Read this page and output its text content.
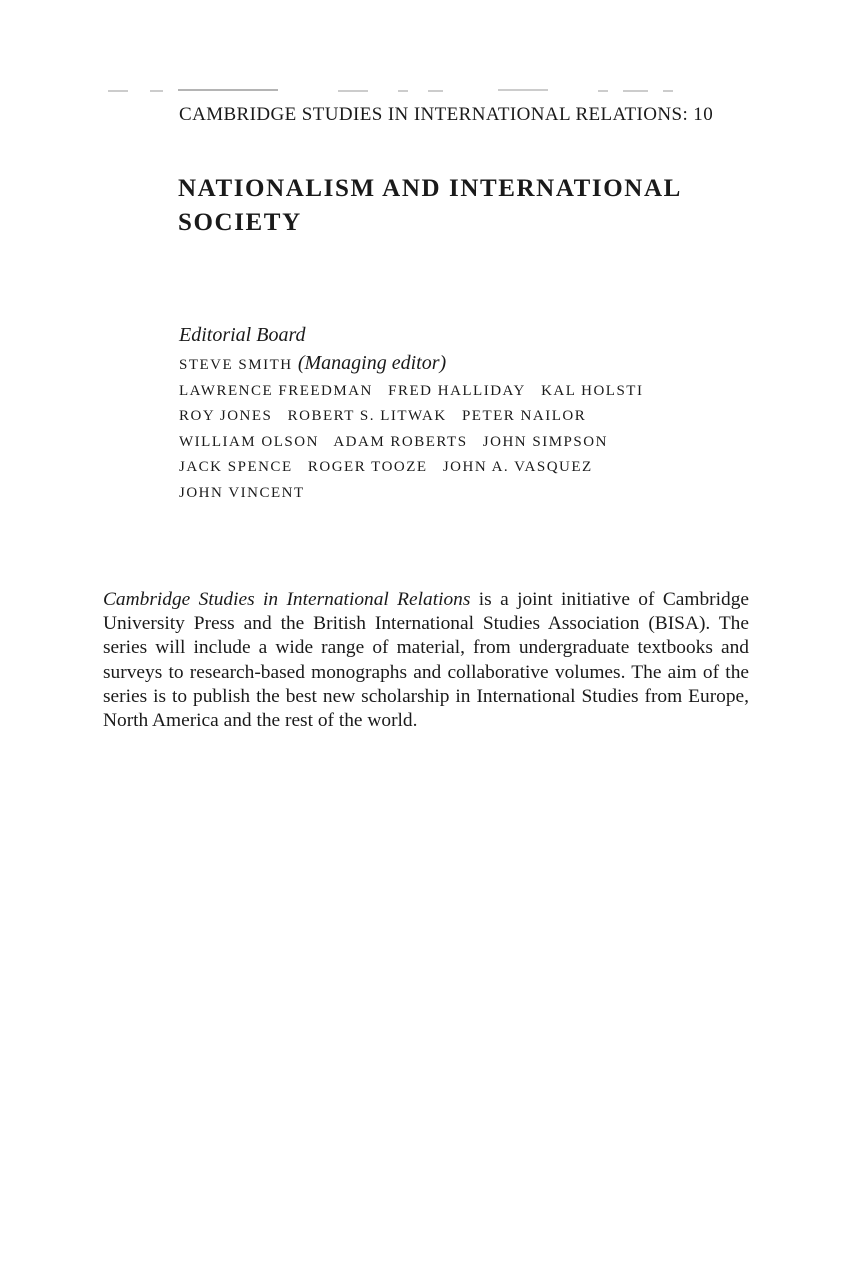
CAMBRIDGE STUDIES IN INTERNATIONAL RELATIONS: 10
NATIONALISM AND INTERNATIONAL
SOCIETY
Editorial Board
STEVE SMITH (Managing editor)
LAWRENCE FREEDMAN FRED HALLIDAY KAL HOLSTI
ROY JONES ROBERT S. LITWAK PETER NAILOR
WILLIAM OLSON ADAM ROBERTS JOHN SIMPSON
JACK SPENCE ROGER TOOZE JOHN A. VASQUEZ
JOHN VINCENT

Cambridge Studies in International Relations is a joint initiative of Cambridge University Press and the British International Studies Association (BISA). The series will include a wide range of material, from undergraduate textbooks and surveys to research-based monographs and collaborative volumes. The aim of the series is to publish the best new scholarship in International Studies from Europe, North America and the rest of the world.
